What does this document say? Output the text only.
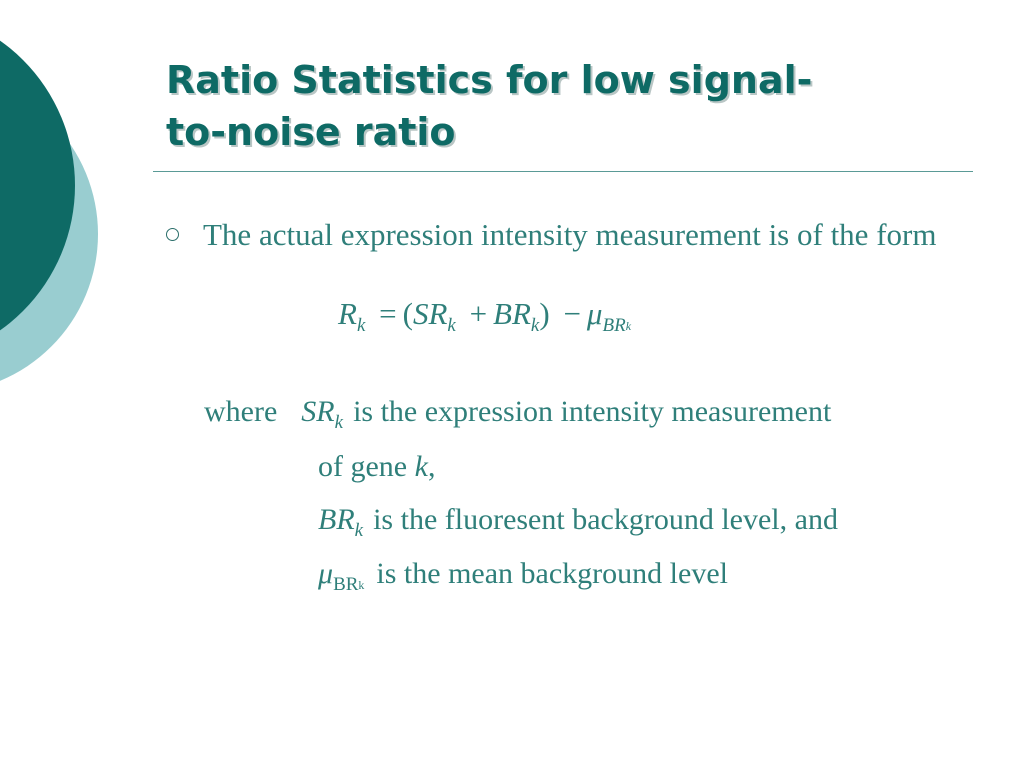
Ratio Statistics for low signal-
to-noise ratio
The actual expression intensity measurement is of the form
$R_k = (SR_k + BR_k) - \mu_{BR}k$
where $SR_k$ is the expression intensity measurement
of gene k,
$BR_k$ is the fluoresent background level, and
$\mu_{BRk}$ is the mean background level
